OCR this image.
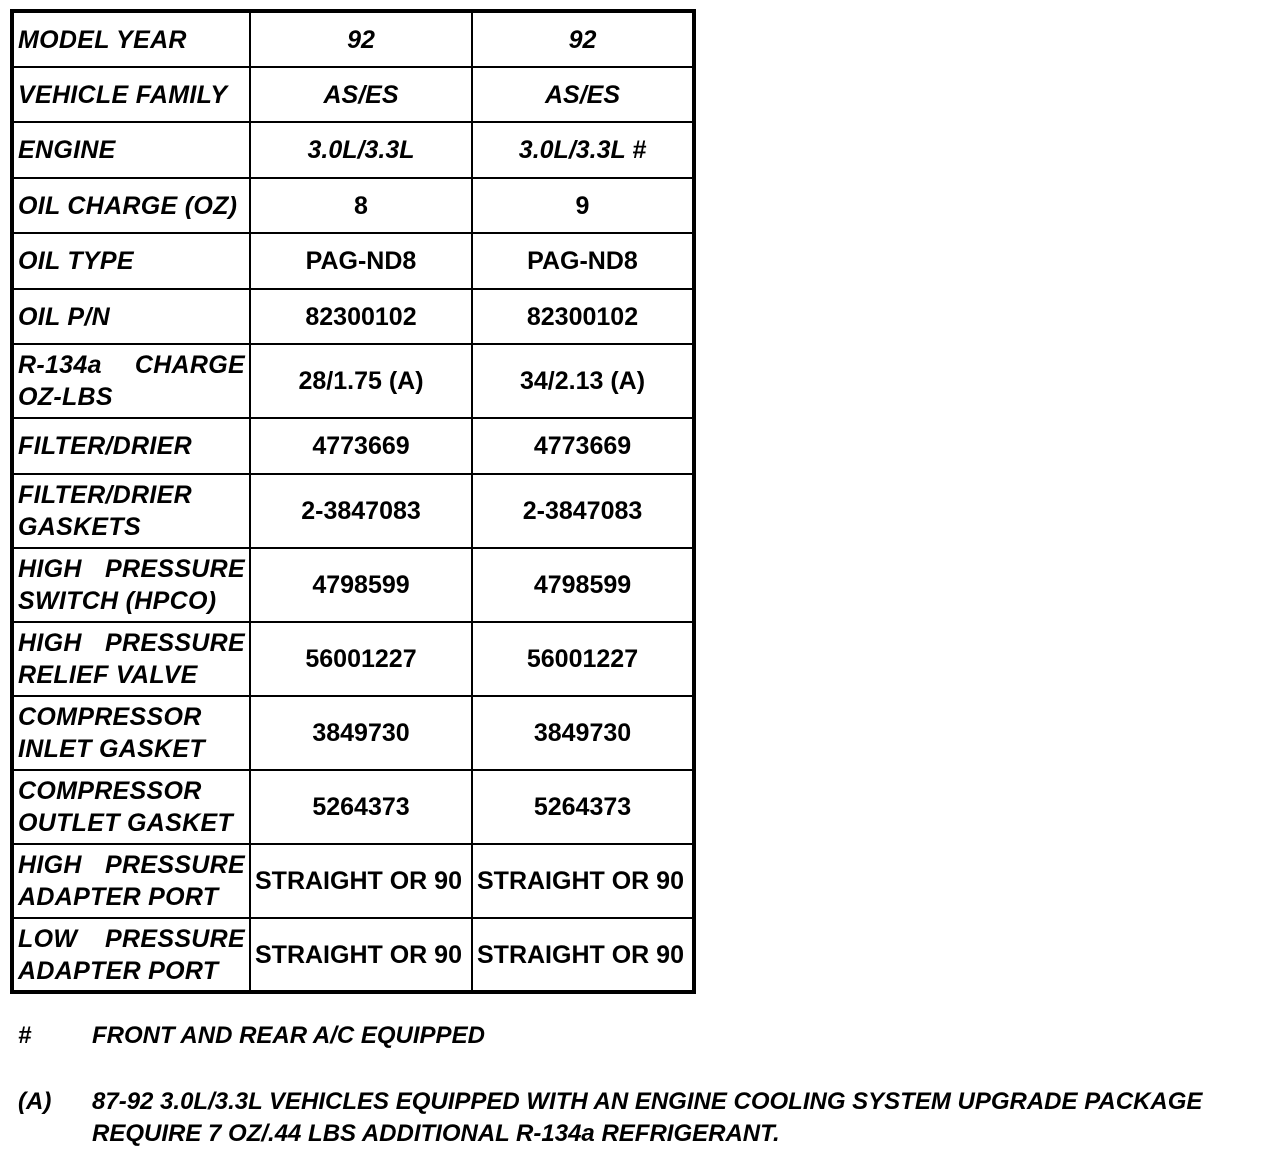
MODEL YEAR	92	92
VEHICLE FAMILY	AS/ES	AS/ES
ENGINE	3.0L/3.3L	3.0L/3.3L #
OIL CHARGE (OZ)	8	9
OIL TYPE	PAG-ND8	PAG-ND8
OIL P/N	82300102	82300102
R-134a CHARGE OZ-LBS	28/1.75 (A)	34/2.13 (A)
FILTER/DRIER	4773669	4773669
FILTER/DRIER GASKETS	2-3847083	2-3847083
HIGH PRESSURE SWITCH (HPCO)	4798599	4798599
HIGH PRESSURE RELIEF VALVE	56001227	56001227
COMPRESSOR INLET GASKET	3849730	3849730
COMPRESSOR OUTLET GASKET	5264373	5264373
HIGH PRESSURE ADAPTER PORT	STRAIGHT OR 90	STRAIGHT OR 90
LOW PRESSURE ADAPTER PORT	STRAIGHT OR 90	STRAIGHT OR 90
#	FRONT AND REAR A/C EQUIPPED
(A)	87-92 3.0L/3.3L VEHICLES EQUIPPED WITH AN ENGINE COOLING SYSTEM UPGRADE PACKAGE REQUIRE 7 OZ/.44 LBS ADDITIONAL R-134a REFRIGERANT.
